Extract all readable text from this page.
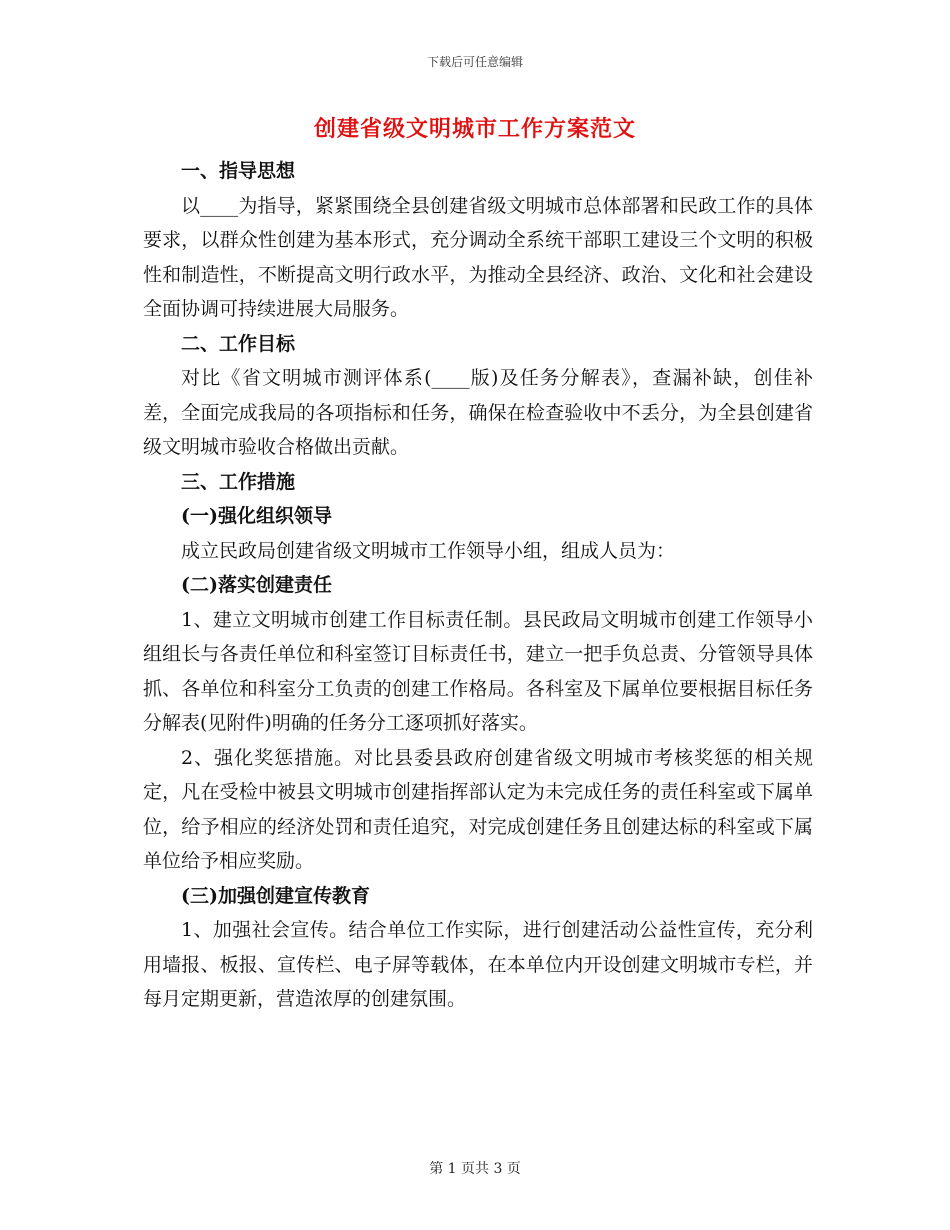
下载后可任意编辑
创建省级文明城市工作方案范文

一、指导思想

以____为指导，紧紧围绕全县创建省级文明城市总体部署和民政工作的具体要求，以群众性创建为基本形式，充分调动全系统干部职工建设三个文明的积极性和制造性，不断提高文明行政水平，为推动全县经济、政治、文化和社会建设全面协调可持续进展大局服务。

二、工作目标

对比《省文明城市测评体系(____版)及任务分解表》，查漏补缺，创佳补差，全面完成我局的各项指标和任务，确保在检查验收中不丢分，为全县创建省级文明城市验收合格做出贡献。

三、工作措施

(一)强化组织领导

成立民政局创建省级文明城市工作领导小组，组成人员为：

(二)落实创建责任

1、建立文明城市创建工作目标责任制。县民政局文明城市创建工作领导小组组长与各责任单位和科室签订目标责任书，建立一把手负总责、分管领导具体抓、各单位和科室分工负责的创建工作格局。各科室及下属单位要根据目标任务分解表(见附件)明确的任务分工逐项抓好落实。

2、强化奖惩措施。对比县委县政府创建省级文明城市考核奖惩的相关规定，凡在受检中被县文明城市创建指挥部认定为未完成任务的责任科室或下属单位，给予相应的经济处罚和责任追究，对完成创建任务且创建达标的科室或下属单位给予相应奖励。

(三)加强创建宣传教育

1、加强社会宣传。结合单位工作实际，进行创建活动公益性宣传，充分利用墙报、板报、宣传栏、电子屏等载体，在本单位内开设创建文明城市专栏，并每月定期更新，营造浓厚的创建氛围。

第 1 页共 3 页
